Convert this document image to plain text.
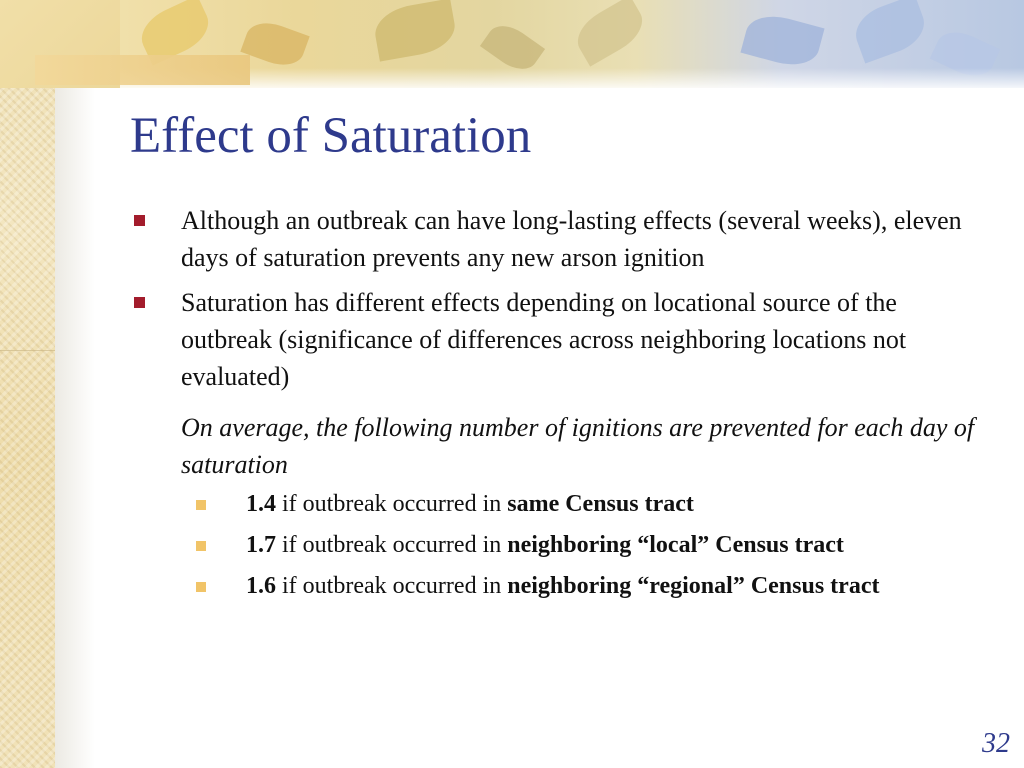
Effect of Saturation
Although an outbreak can have long-lasting effects (several weeks), eleven days of saturation prevents any new arson ignition
Saturation has different effects depending on locational source of the outbreak (significance of differences across neighboring locations not evaluated)
On average, the following number of ignitions are prevented for each day of saturation
1.4 if outbreak occurred in same Census tract
1.7 if outbreak occurred in neighboring “local” Census tract
1.6 if outbreak occurred in neighboring “regional” Census tract
32
